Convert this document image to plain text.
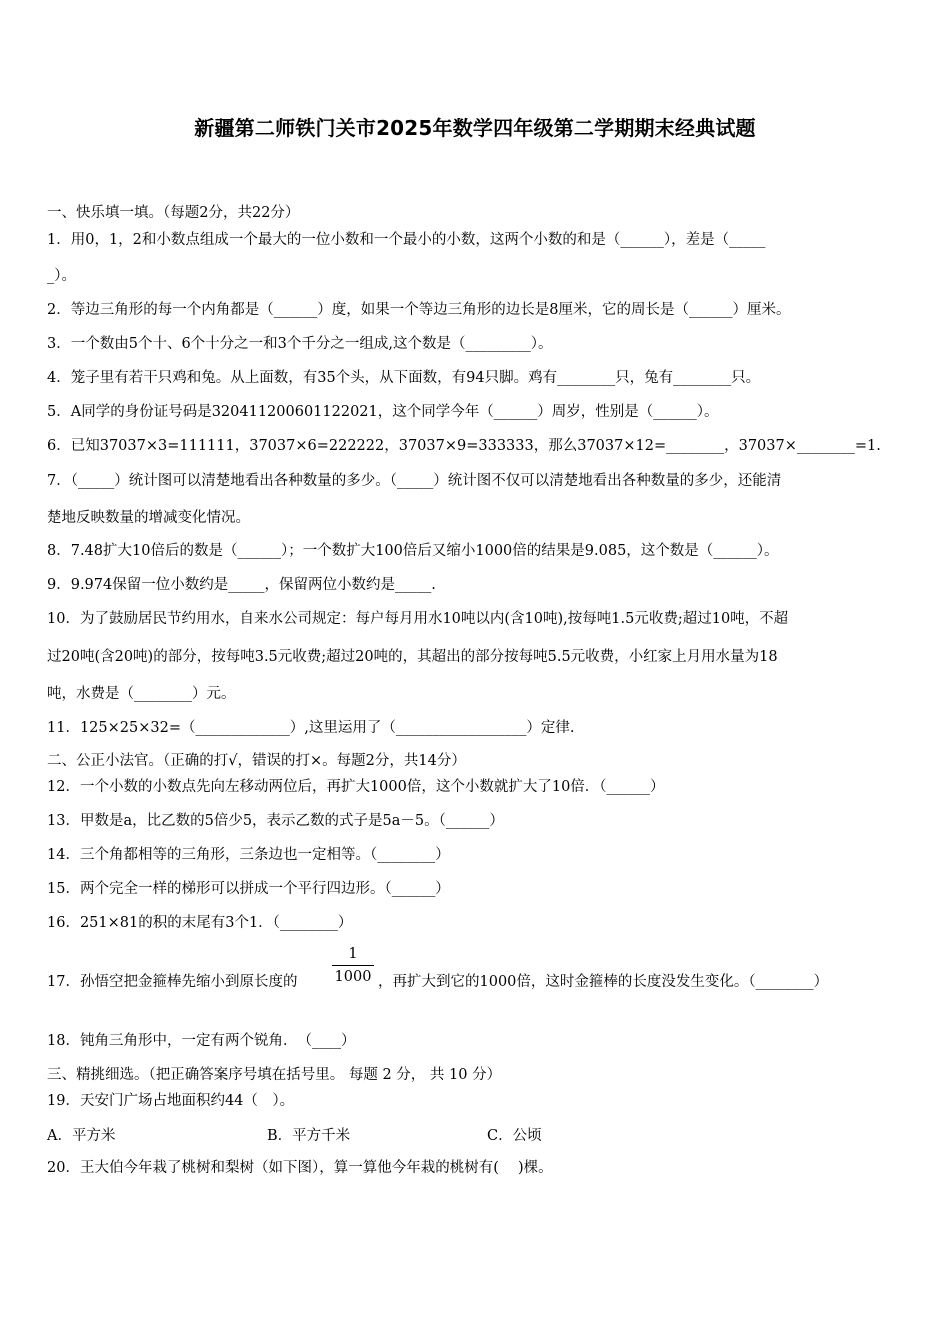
新疆第二师铁门关市2025年数学四年级第二学期期末经典试题
一、快乐填一填。（每题2分，共22分）
1．用0，1，2和小数点组成一个最大的一位小数和一个最小的小数，这两个小数的和是（______），差是（_____
_）。
2．等边三角形的每一个内角都是（______）度，如果一个等边三角形的边长是8厘米，它的周长是（______）厘米。
3．一个数由5个十、6个十分之一和3个千分之一组成,这个数是（_________）。
4．笼子里有若干只鸡和兔。从上面数，有35个头，从下面数，有94只脚。鸡有________只，兔有________只。
5．A同学的身份证号码是320411200601122021，这个同学今年（______）周岁，性别是（______）。
6．已知37037×3=111111，37037×6=222222，37037×9=333333，那么37037×12=________，37037×________=1.
7．（_____）统计图可以清楚地看出各种数量的多少。（_____）统计图不仅可以清楚地看出各种数量的多少，还能清
楚地反映数量的增减变化情况。
8．7.48扩大10倍后的数是（______）；一个数扩大100倍后又缩小1000倍的结果是9.085，这个数是（______）。
9．9.974保留一位小数约是_____，保留两位小数约是_____.
10．为了鼓励居民节约用水，自来水公司规定：每户每月用水10吨以内(含10吨),按每吨1.5元收费;超过10吨，不超
过20吨(含20吨)的部分，按每吨3.5元收费;超过20吨的，其超出的部分按每吨5.5元收费，小红家上月用水量为18
吨，水费是（________）元。
11．125×25×32=（_____________）,这里运用了（__________________）定律.
二、公正小法官。（正确的打√，错误的打×。每题2分，共14分）
12．一个小数的小数点先向左移动两位后，再扩大1000倍，这个小数就扩大了10倍．（______）
13．甲数是a，比乙数的5倍少5，表示乙数的式子是5a－5。（______）
14．三个角都相等的三角形，三条边也一定相等。（________）
15．两个完全一样的梯形可以拼成一个平行四边形。（______）
16．251×81的积的末尾有3个1．（________）
17．孙悟空把金箍棒先缩小到原长度的
1
1000 ，再扩大到它的1000倍，这时金箍棒的长度没发生变化。（________）
18．钝角三角形中，一定有两个锐角．　（____）
三、精挑细选。（把正确答案序号填在括号里。 每题 2 分， 共 10 分）
19．天安门广场占地面积约44（　）。
A．平方米	B．平方千米	C．公顷
20．王大伯今年栽了桃树和梨树（如下图），算一算他今年栽的桃树有(　 )棵。
